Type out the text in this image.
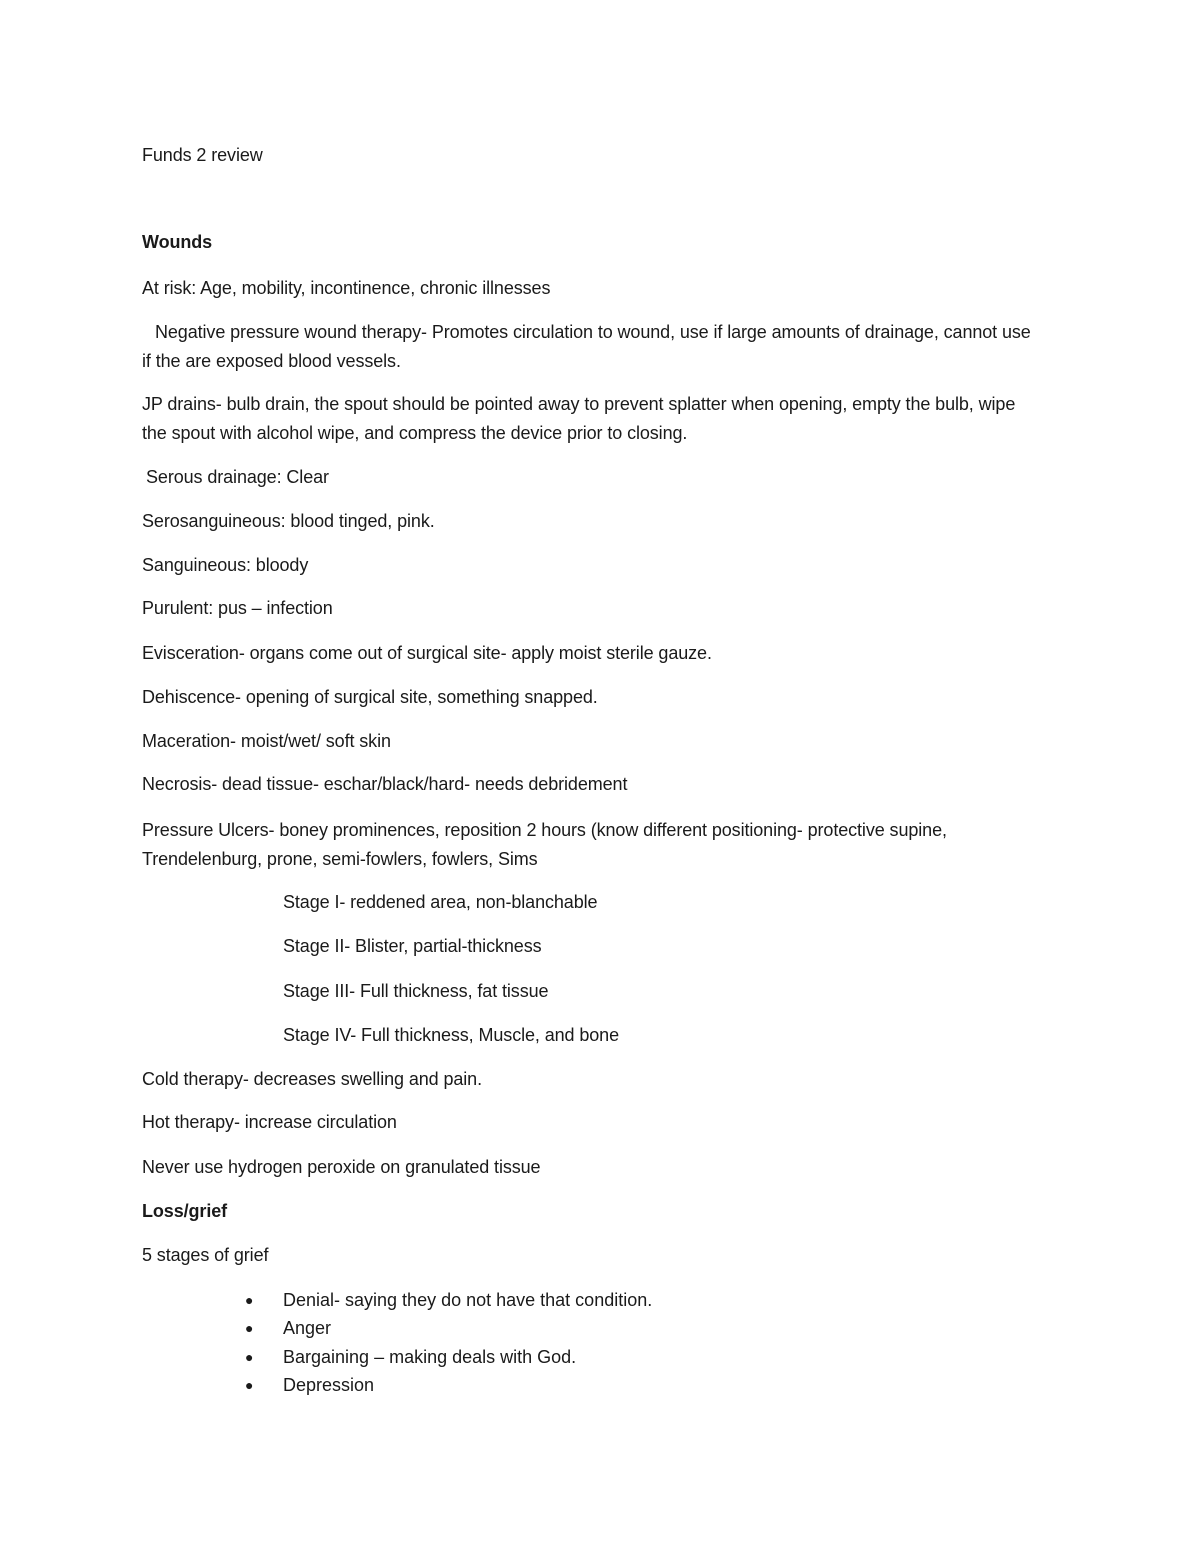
Funds 2 review
Wounds
At risk: Age, mobility, incontinence, chronic illnesses
Negative pressure wound therapy- Promotes circulation to wound, use if large amounts of drainage, cannot use if the are exposed blood vessels.
JP drains- bulb drain, the spout should be pointed away to prevent splatter when opening, empty the bulb, wipe the spout with alcohol wipe, and compress the device prior to closing.
Serous drainage: Clear
Serosanguineous: blood tinged, pink.
Sanguineous: bloody
Purulent: pus – infection
Evisceration- organs come out of surgical site- apply moist sterile gauze.
Dehiscence- opening of surgical site, something snapped.
Maceration- moist/wet/ soft skin
Necrosis- dead tissue- eschar/black/hard- needs debridement
Pressure Ulcers- boney prominences, reposition 2 hours (know different positioning- protective supine, Trendelenburg, prone, semi-fowlers, fowlers, Sims
Stage I- reddened area, non-blanchable
Stage II- Blister, partial-thickness
Stage III- Full thickness, fat tissue
Stage IV- Full thickness, Muscle, and bone
Cold therapy- decreases swelling and pain.
Hot therapy- increase circulation
Never use hydrogen peroxide on granulated tissue
Loss/grief
5 stages of grief
● Denial- saying they do not have that condition.
● Anger
● Bargaining – making deals with God.
● Depression
